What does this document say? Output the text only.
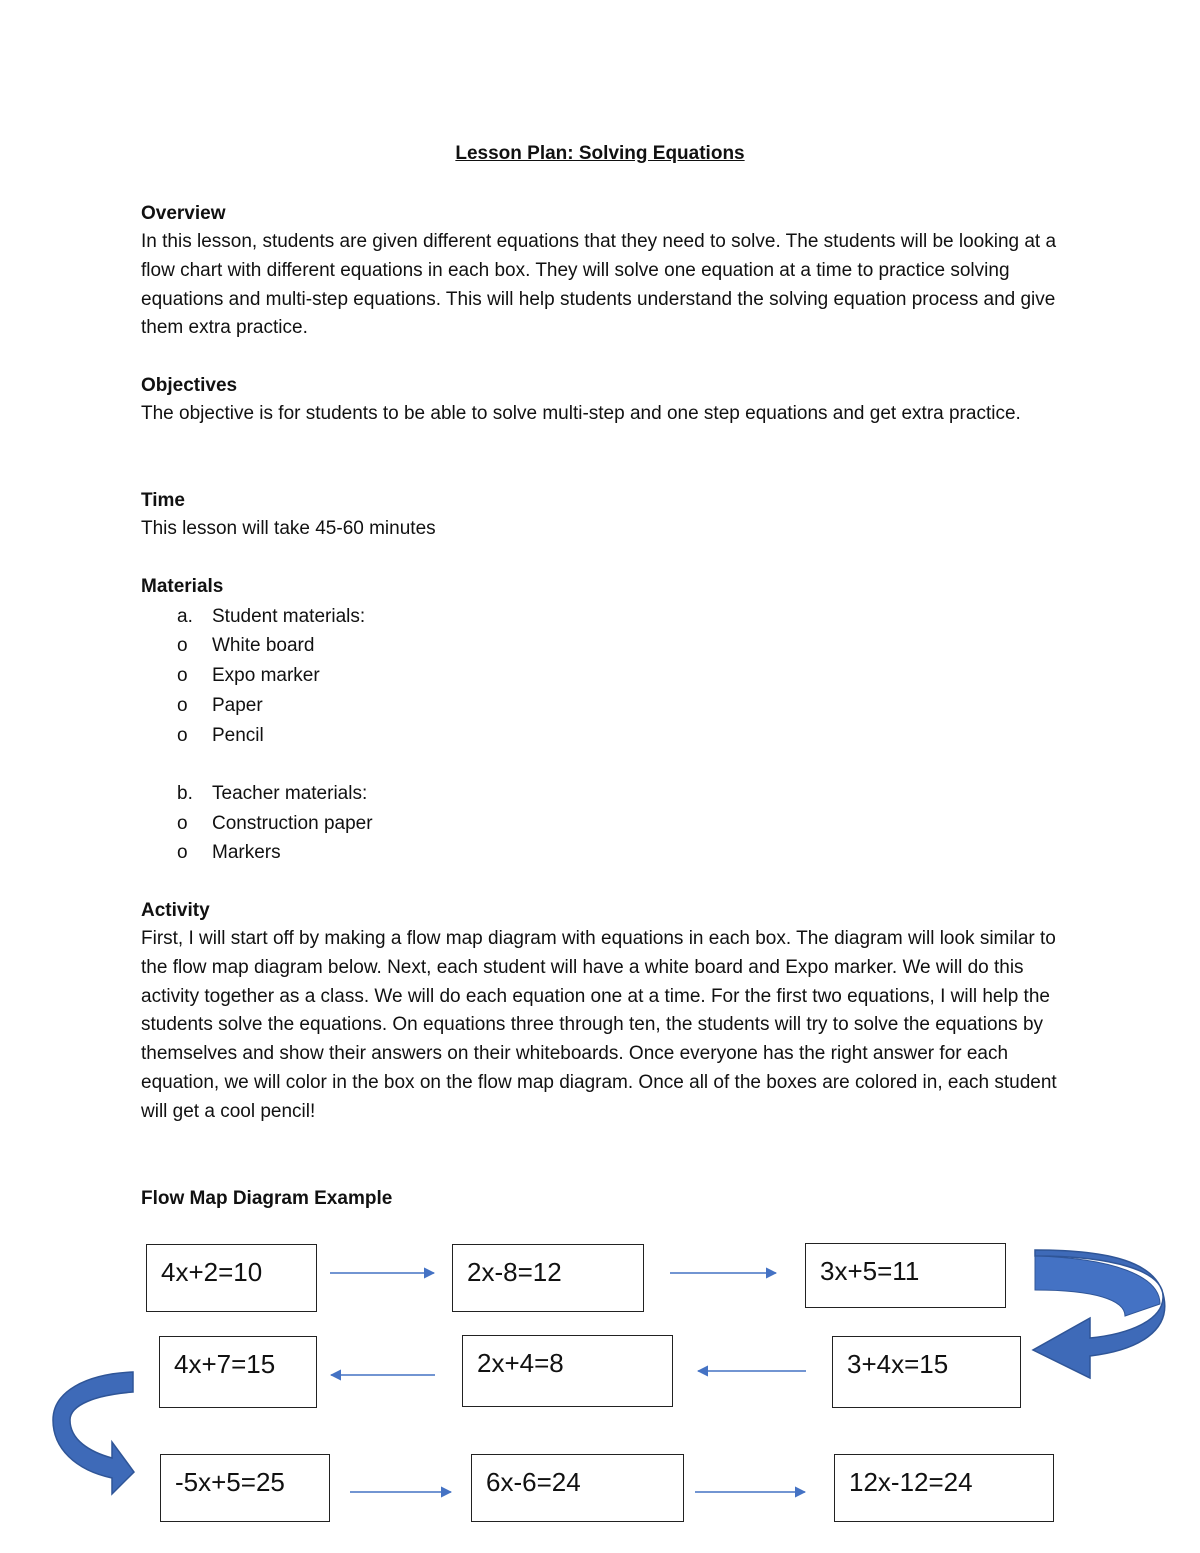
Lesson Plan: Solving Equations
Overview
In this lesson, students are given different equations that they need to solve. The students will be looking at a flow chart with different equations in each box. They will solve one equation at a time to practice solving equations and multi-step equations. This will help students understand the solving equation process and give them extra practice.
Objectives
The objective is for students to be able to solve multi-step and one step equations and get extra practice.
Time
This lesson will take 45-60 minutes
Materials
a.	Student materials:
o	White board
o	Expo marker
o	Paper
o	Pencil
b.	Teacher materials:
o	Construction paper
o	Markers
Activity
First, I will start off by making a flow map diagram with equations in each box. The diagram will look similar to the flow map diagram below. Next, each student will have a white board and Expo marker. We will do this activity together as a class. We will do each equation one at a time. For the first two equations, I will help the students solve the equations. On equations three through ten, the students will try to solve the equations by themselves and show their answers on their whiteboards. Once everyone has the right answer for each equation, we will color in the box on the flow map diagram. Once all of the boxes are colored in, each student will get a cool pencil!
Flow Map Diagram Example
4x+2=10	2x-8=12	3x+5=11
4x+7=15	2x+4=8	3+4x=15
-5x+5=25	6x-6=24	12x-12=24
